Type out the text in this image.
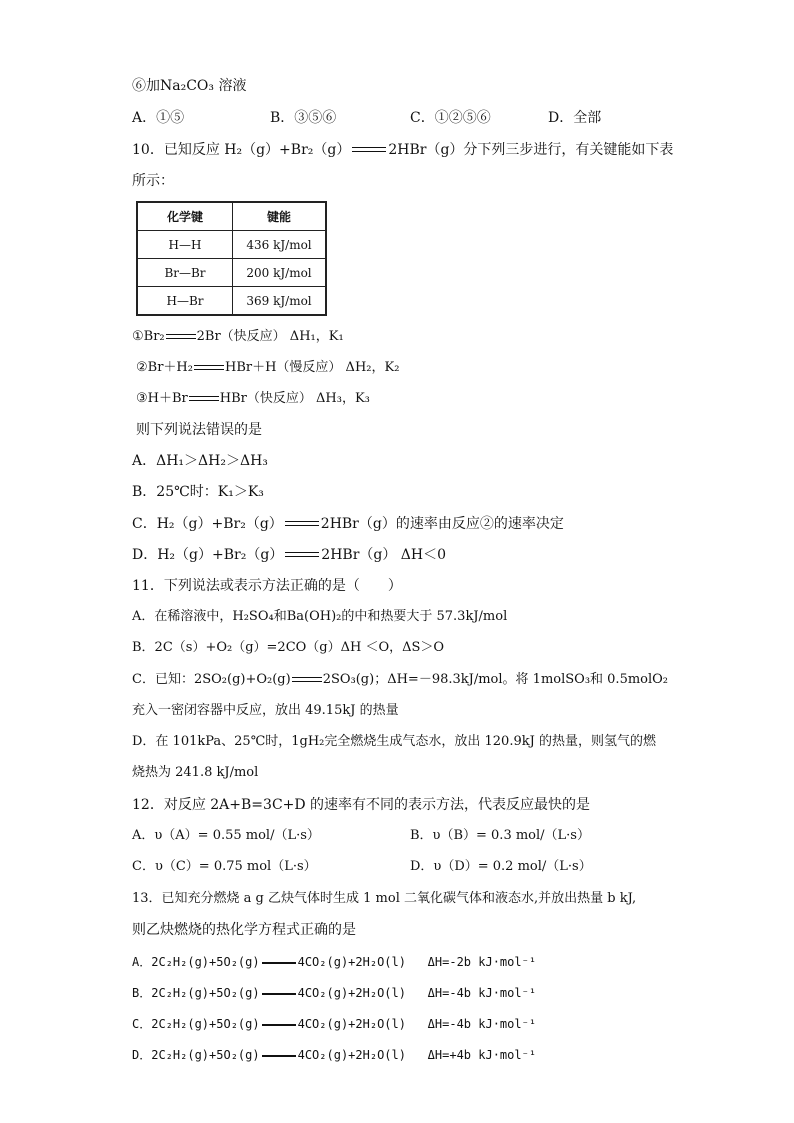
⑥加Na₂CO₃ 溶液
A．①⑤	B．③⑤⑥	C．①②⑤⑥	D．全部
10．已知反应 H₂（g）+Br₂（g）	2HBr（g）分下列三步进行，有关键能如下表
所示：
化学键	键能
H—H	436 kJ/mol
Br—Br	200 kJ/mol
H—Br	369 kJ/mol
①Br₂ 2Br（快反应） ΔH₁，K₁
②Br＋H₂ HBr＋H（慢反应） ΔH₂，K₂
③H＋Br HBr（快反应） ΔH₃，K₃
则下列说法错误的是
A．ΔH₁＞ΔH₂＞ΔH₃
B．25℃时：K₁＞K₃
C．H₂（g）+Br₂（g）	2HBr（g）的速率由反应②的速率决定
D．H₂（g）+Br₂（g）	2HBr（g） ΔH＜0
11．下列说法或表示方法正确的是（　　）
A．在稀溶液中，H₂SO₄和Ba(OH)₂的中和热要大于 57.3kJ/mol
B．2C（s）+O₂（g）=2CO（g）ΔH ＜O，ΔS＞O
C．已知：2SO₂(g)+O₂(g) 2SO₃(g)；ΔH=－98.3kJ/mol。将 1molSO₃和 0.5molO₂
充入一密闭容器中反应，放出 49.15kJ 的热量
D．在 101kPa、25℃时，1gH₂完全燃烧生成气态水，放出 120.9kJ 的热量，则氢气的燃
烧热为 241.8 kJ/mol
12．对反应 2A+B=3C+D 的速率有不同的表示方法，代表反应最快的是
A．υ（A）= 0.55 mol/（L·s）	B．υ（B）= 0.3 mol/（L·s）
C．υ（C）= 0.75 mol（L·s）	D．υ（D）= 0.2 mol/（L·s）
13．已知充分燃烧 a g 乙炔气体时生成 1 mol 二氧化碳气体和液态水,并放出热量 b kJ,
则乙炔燃烧的热化学方程式正确的是
A．2C₂H₂(g)+5O₂(g)	4CO₂(g)+2H₂O(l) ΔH=-2b kJ·mol⁻¹
B．2C₂H₂(g)+5O₂(g)	4CO₂(g)+2H₂O(l) ΔH=-4b kJ·mol⁻¹
C．2C₂H₂(g)+5O₂(g)	4CO₂(g)+2H₂O(l) ΔH=-4b kJ·mol⁻¹
D．2C₂H₂(g)+5O₂(g)	4CO₂(g)+2H₂O(l) ΔH=+4b kJ·mol⁻¹
